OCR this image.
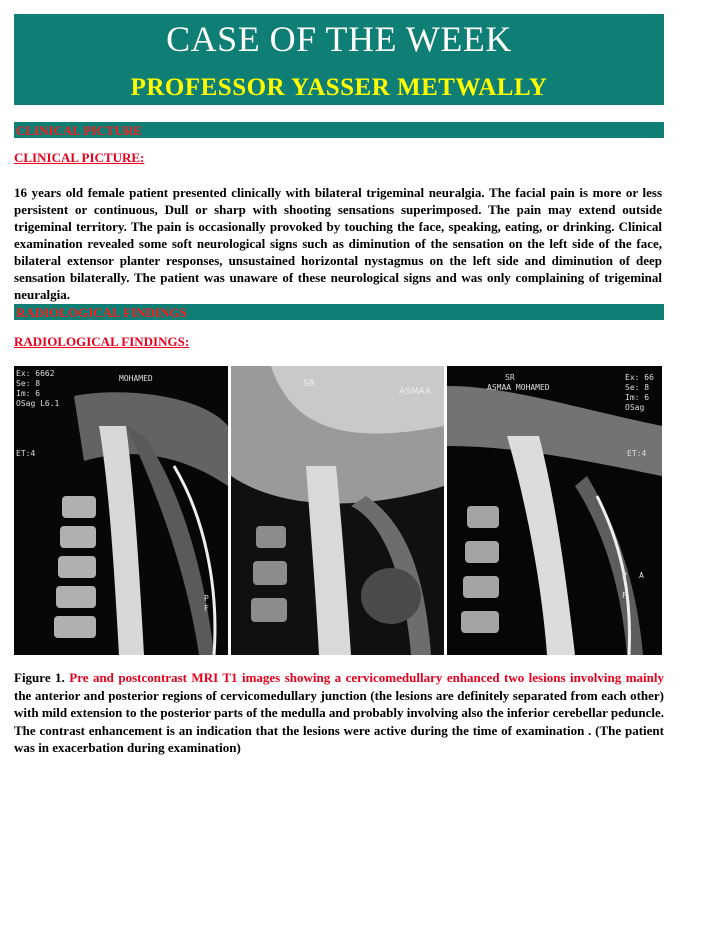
CASE OF THE WEEK
PROFESSOR YASSER METWALLY
CLINICAL PICTURE
CLINICAL PICTURE:

16 years old female patient presented clinically with bilateral trigeminal neuralgia. The facial pain is more or less persistent or continuous, Dull or sharp with shooting sensations superimposed. The pain may extend outside trigeminal territory. The pain is occasionally provoked by touching the face, speaking, eating, or drinking. Clinical examination revealed some soft neurological signs such as diminution of the sensation on the left side of the face, bilateral extensor planter responses, unsustained horizontal nystagmus on the left side and diminution of deep sensation bilaterally. The patient was unaware of these neurological signs and was only complaining of trigeminal neuralgia.

RADIOLOGICAL FINDINGS
RADIOLOGICAL FINDINGS:
Ex: 6662
Se: 8
Im: 6
OSag L6.1
ET:4
MOHAMED
P
F
SR
ASMAA
SR
ASMAA MOHAMED
Ex: 66
Se: 8
Im: 6
OSag
ET:4
P A
F

Figure 1. Pre and postcontrast MRI T1 images showing a cervicomedullary enhanced two lesions involving mainly the anterior and posterior regions of cervicomedullary junction (the lesions are definitely separated from each other) with mild extension to the posterior parts of the medulla and probably involving also the inferior cerebellar peduncle. The contrast enhancement is an indication that the lesions were active during the time of examination . (The patient was in exacerbation during examination)
